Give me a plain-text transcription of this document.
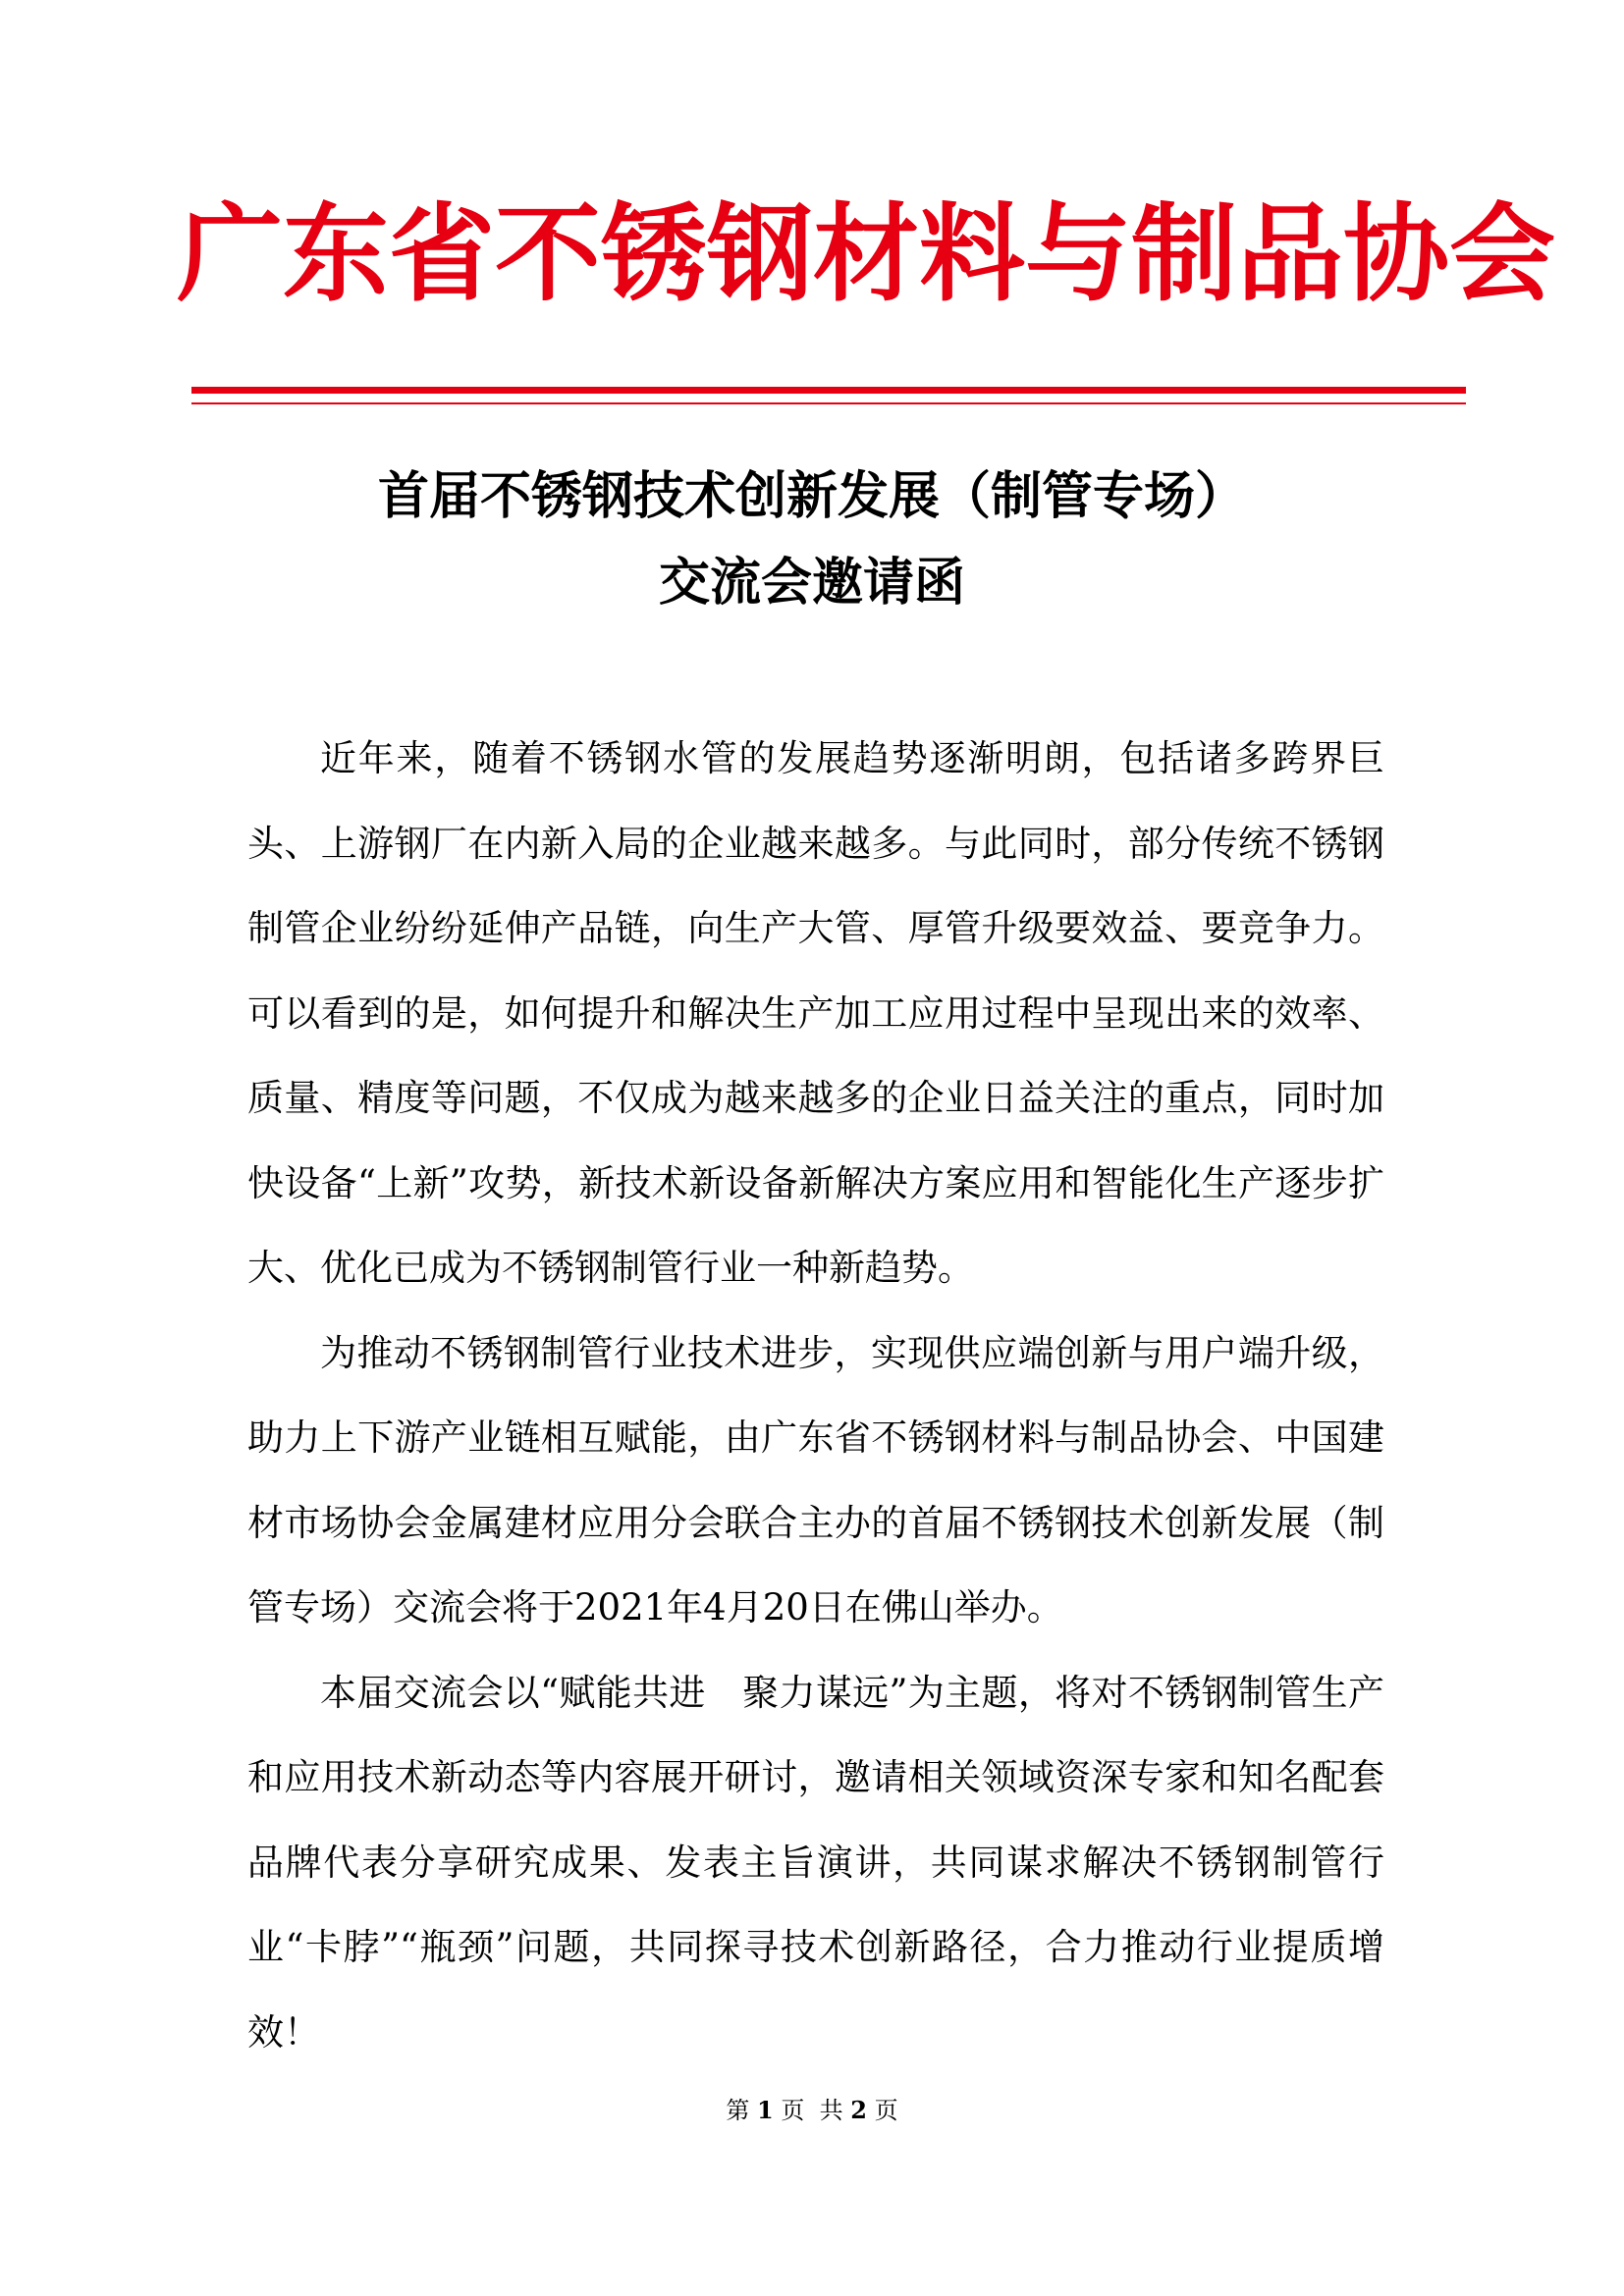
广东省不锈钢材料与制品协会
首届不锈钢技术创新发展（制管专场）
交流会邀请函

近年来，随着不锈钢水管的发展趋势逐渐明朗，包括诸多跨界巨头、上游钢厂在内新入局的企业越来越多。与此同时，部分传统不锈钢制管企业纷纷延伸产品链，向生产大管、厚管升级要效益、要竞争力。可以看到的是，如何提升和解决生产加工应用过程中呈现出来的效率、质量、精度等问题，不仅成为越来越多的企业日益关注的重点，同时加快设备“上新”攻势，新技术新设备新解决方案应用和智能化生产逐步扩大、优化已成为不锈钢制管行业一种新趋势。

为推动不锈钢制管行业技术进步，实现供应端创新与用户端升级，助力上下游产业链相互赋能，由广东省不锈钢材料与制品协会、中国建材市场协会金属建材应用分会联合主办的首届不锈钢技术创新发展（制管专场）交流会将于2021年4月20日在佛山举办。

本届交流会以“赋能共进　聚力谋远”为主题，将对不锈钢制管生产和应用技术新动态等内容展开研讨，邀请相关领域资深专家和知名配套品牌代表分享研究成果、发表主旨演讲，共同谋求解决不锈钢制管行业“卡脖”“瓶颈”问题，共同探寻技术创新路径，合力推动行业提质增效！

第 1 页  共 2 页
